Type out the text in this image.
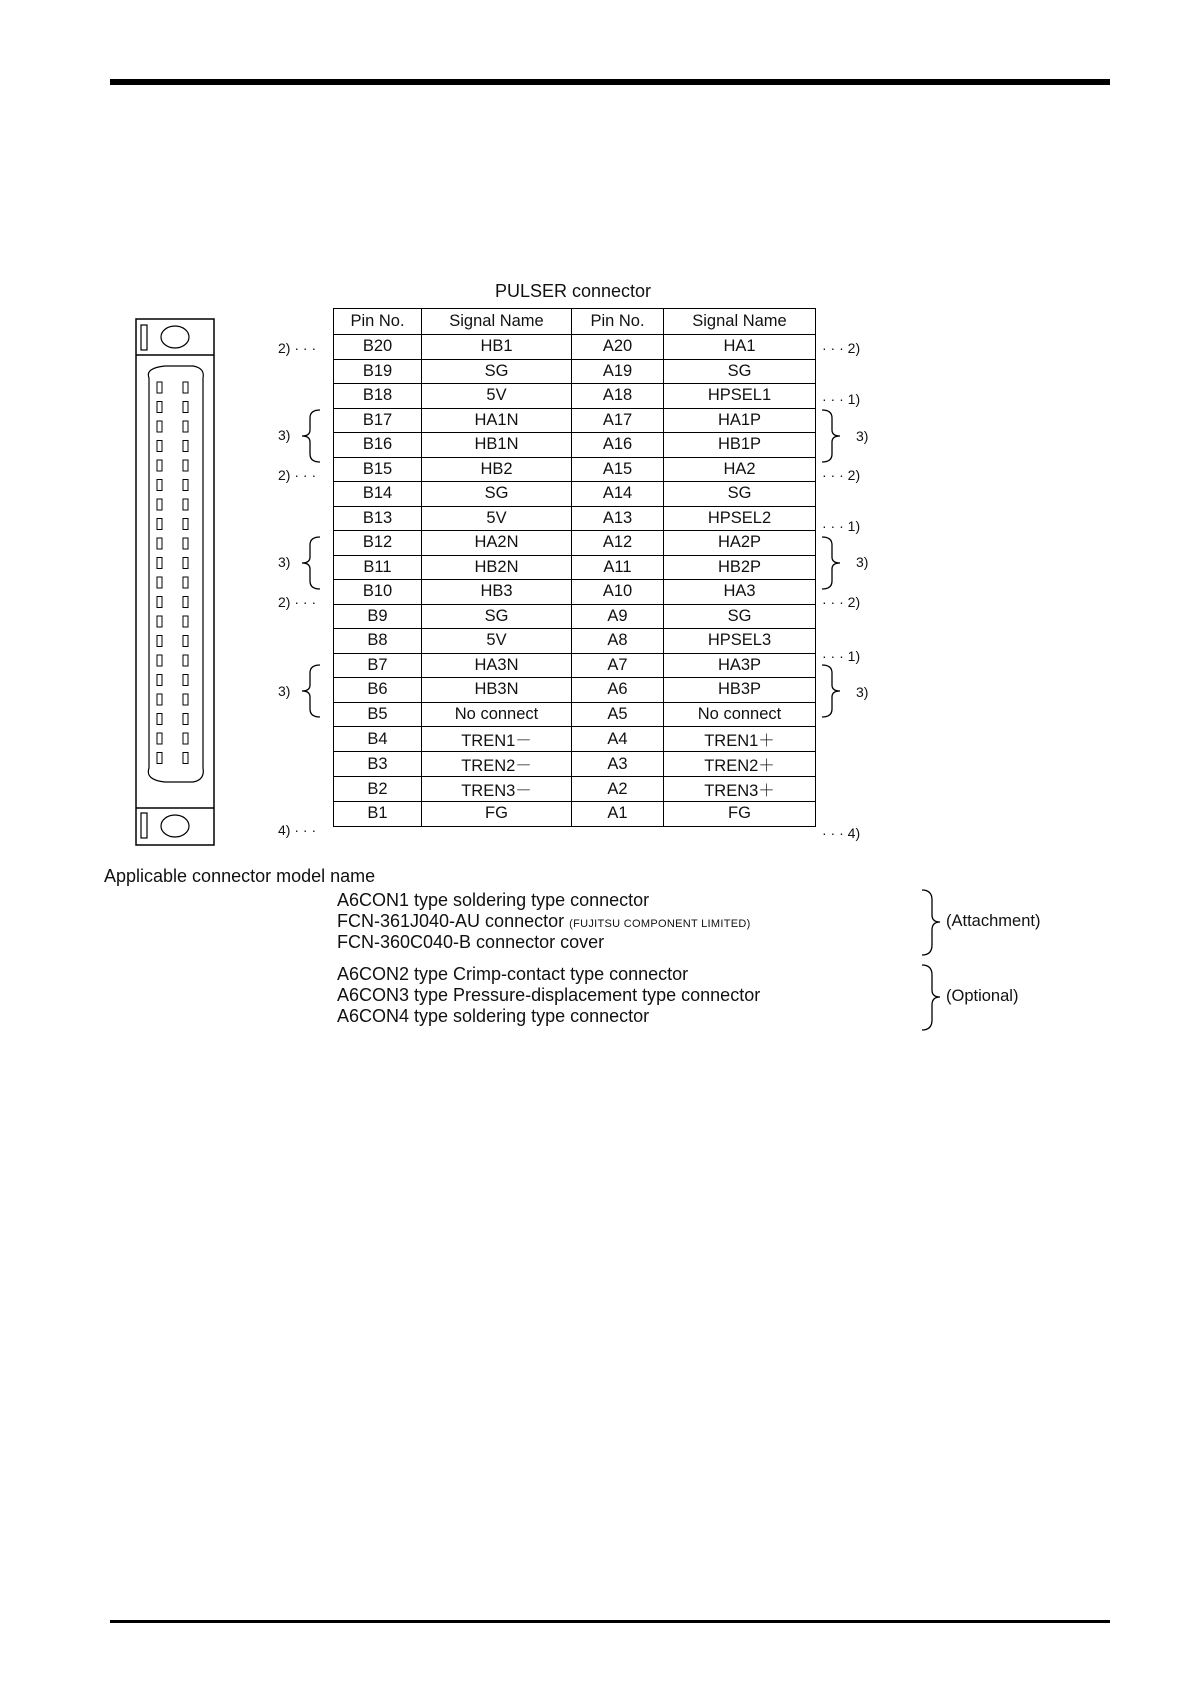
PULSER connector
Pin No.	Signal Name	Pin No.	Signal Name
B20	HB1	A20	HA1
B19	SG	A19	SG
B18	5V	A18	HPSEL1
B17	HA1N	A17	HA1P
B16	HB1N	A16	HB1P
B15	HB2	A15	HA2
B14	SG	A14	SG
B13	5V	A13	HPSEL2
B12	HA2N	A12	HA2P
B11	HB2N	A11	HB2P
B10	HB3	A10	HA3
B9	SG	A9	SG
B8	5V	A8	HPSEL3
B7	HA3N	A7	HA3P
B6	HB3N	A6	HB3P
B5	No connect	A5	No connect
B4	TREN1－	A4	TREN1＋
B3	TREN2－	A3	TREN2＋
B2	TREN3－	A2	TREN3＋
B1	FG	A1	FG
2) · · ·
3)
2) · · ·
3)
2) · · ·
3)
4) · · ·
· · · 2)
· · · 1)
3)
· · · 2)
· · · 1)
3)
· · · 2)
· · · 1)
3)
· · · 4)
Applicable connector model name
A6CON1 type soldering type connector
FCN-361J040-AU connector (FUJITSU COMPONENT LIMITED)
FCN-360C040-B connector cover
(Attachment)
A6CON2 type Crimp-contact type connector
A6CON3 type Pressure-displacement type connector
A6CON4 type soldering type connector
(Optional)
